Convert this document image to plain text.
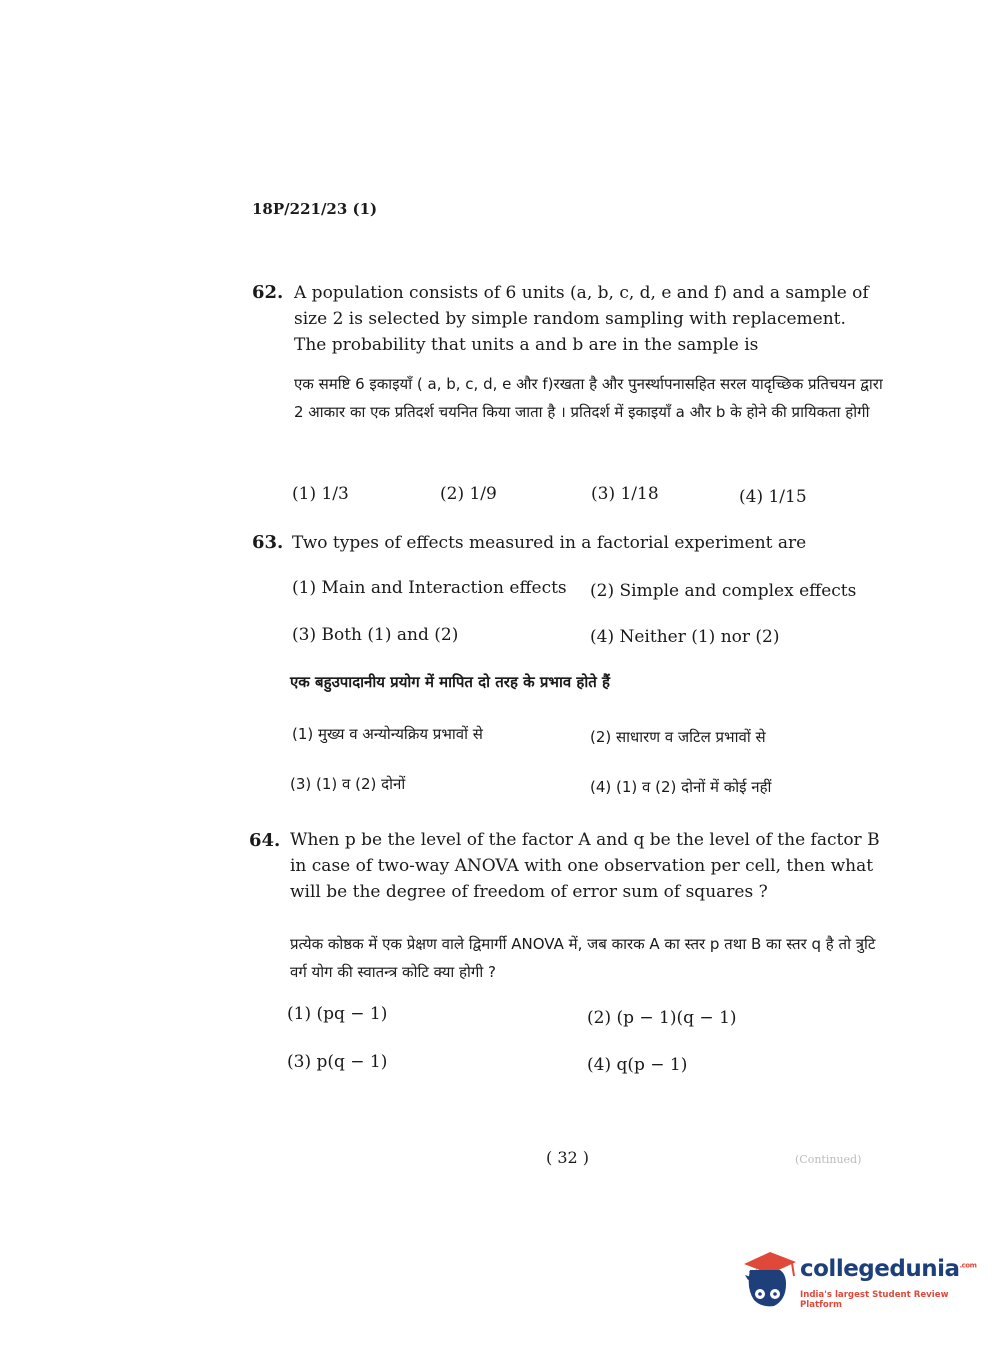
18P/221/23 (1)
62. A population consists of 6 units (a, b, c, d, e and f) and a sample of size 2 is selected by simple random sampling with replacement. The probability that units a and b are in the sample is
एक समष्टि 6 इकाइयाँ ( a, b, c, d, e और f)रखता है और पुनर्स्थापनासहित सरल यादृच्छिक प्रतिचयन द्वारा 2 आकार का एक प्रतिदर्श चयनित किया जाता है । प्रतिदर्श में इकाइयाँ a और b के होने की प्रायिकता होगी
(1) 1/3	(2) 1/9	(3) 1/18	(4) 1/15
63. Two types of effects measured in a factorial experiment are
(1) Main and Interaction effects (2) Simple and complex effects
(3) Both (1) and (2)	(4) Neither (1) nor (2)
एक बहुउपादानीय प्रयोग में मापित दो तरह के प्रभाव होते हैं
(1) मुख्य व अन्योन्यक्रिय प्रभावों से	(2) साधारण व जटिल प्रभावों से
(3) (1) व (2) दोनों	(4) (1) व (2) दोनों में कोई नहीं
64. When p be the level of the factor A and q be the level of the factor B in case of two-way ANOVA with one observation per cell, then what will be the degree of freedom of error sum of squares ?
प्रत्येक कोष्ठक में एक प्रेक्षण वाले द्विमार्गी ANOVA में, जब कारक A का स्तर p तथा B का स्तर q है तो त्रुटि वर्ग योग की स्वातन्त्र कोटि क्या होगी ?
(1) (pq − 1)	(2) (p − 1)(q − 1)
(3) p(q − 1)	(4) q(p − 1)
( 32 )	(Continued)
collegedunia$^{.com}$
India's largest Student Review Platform
